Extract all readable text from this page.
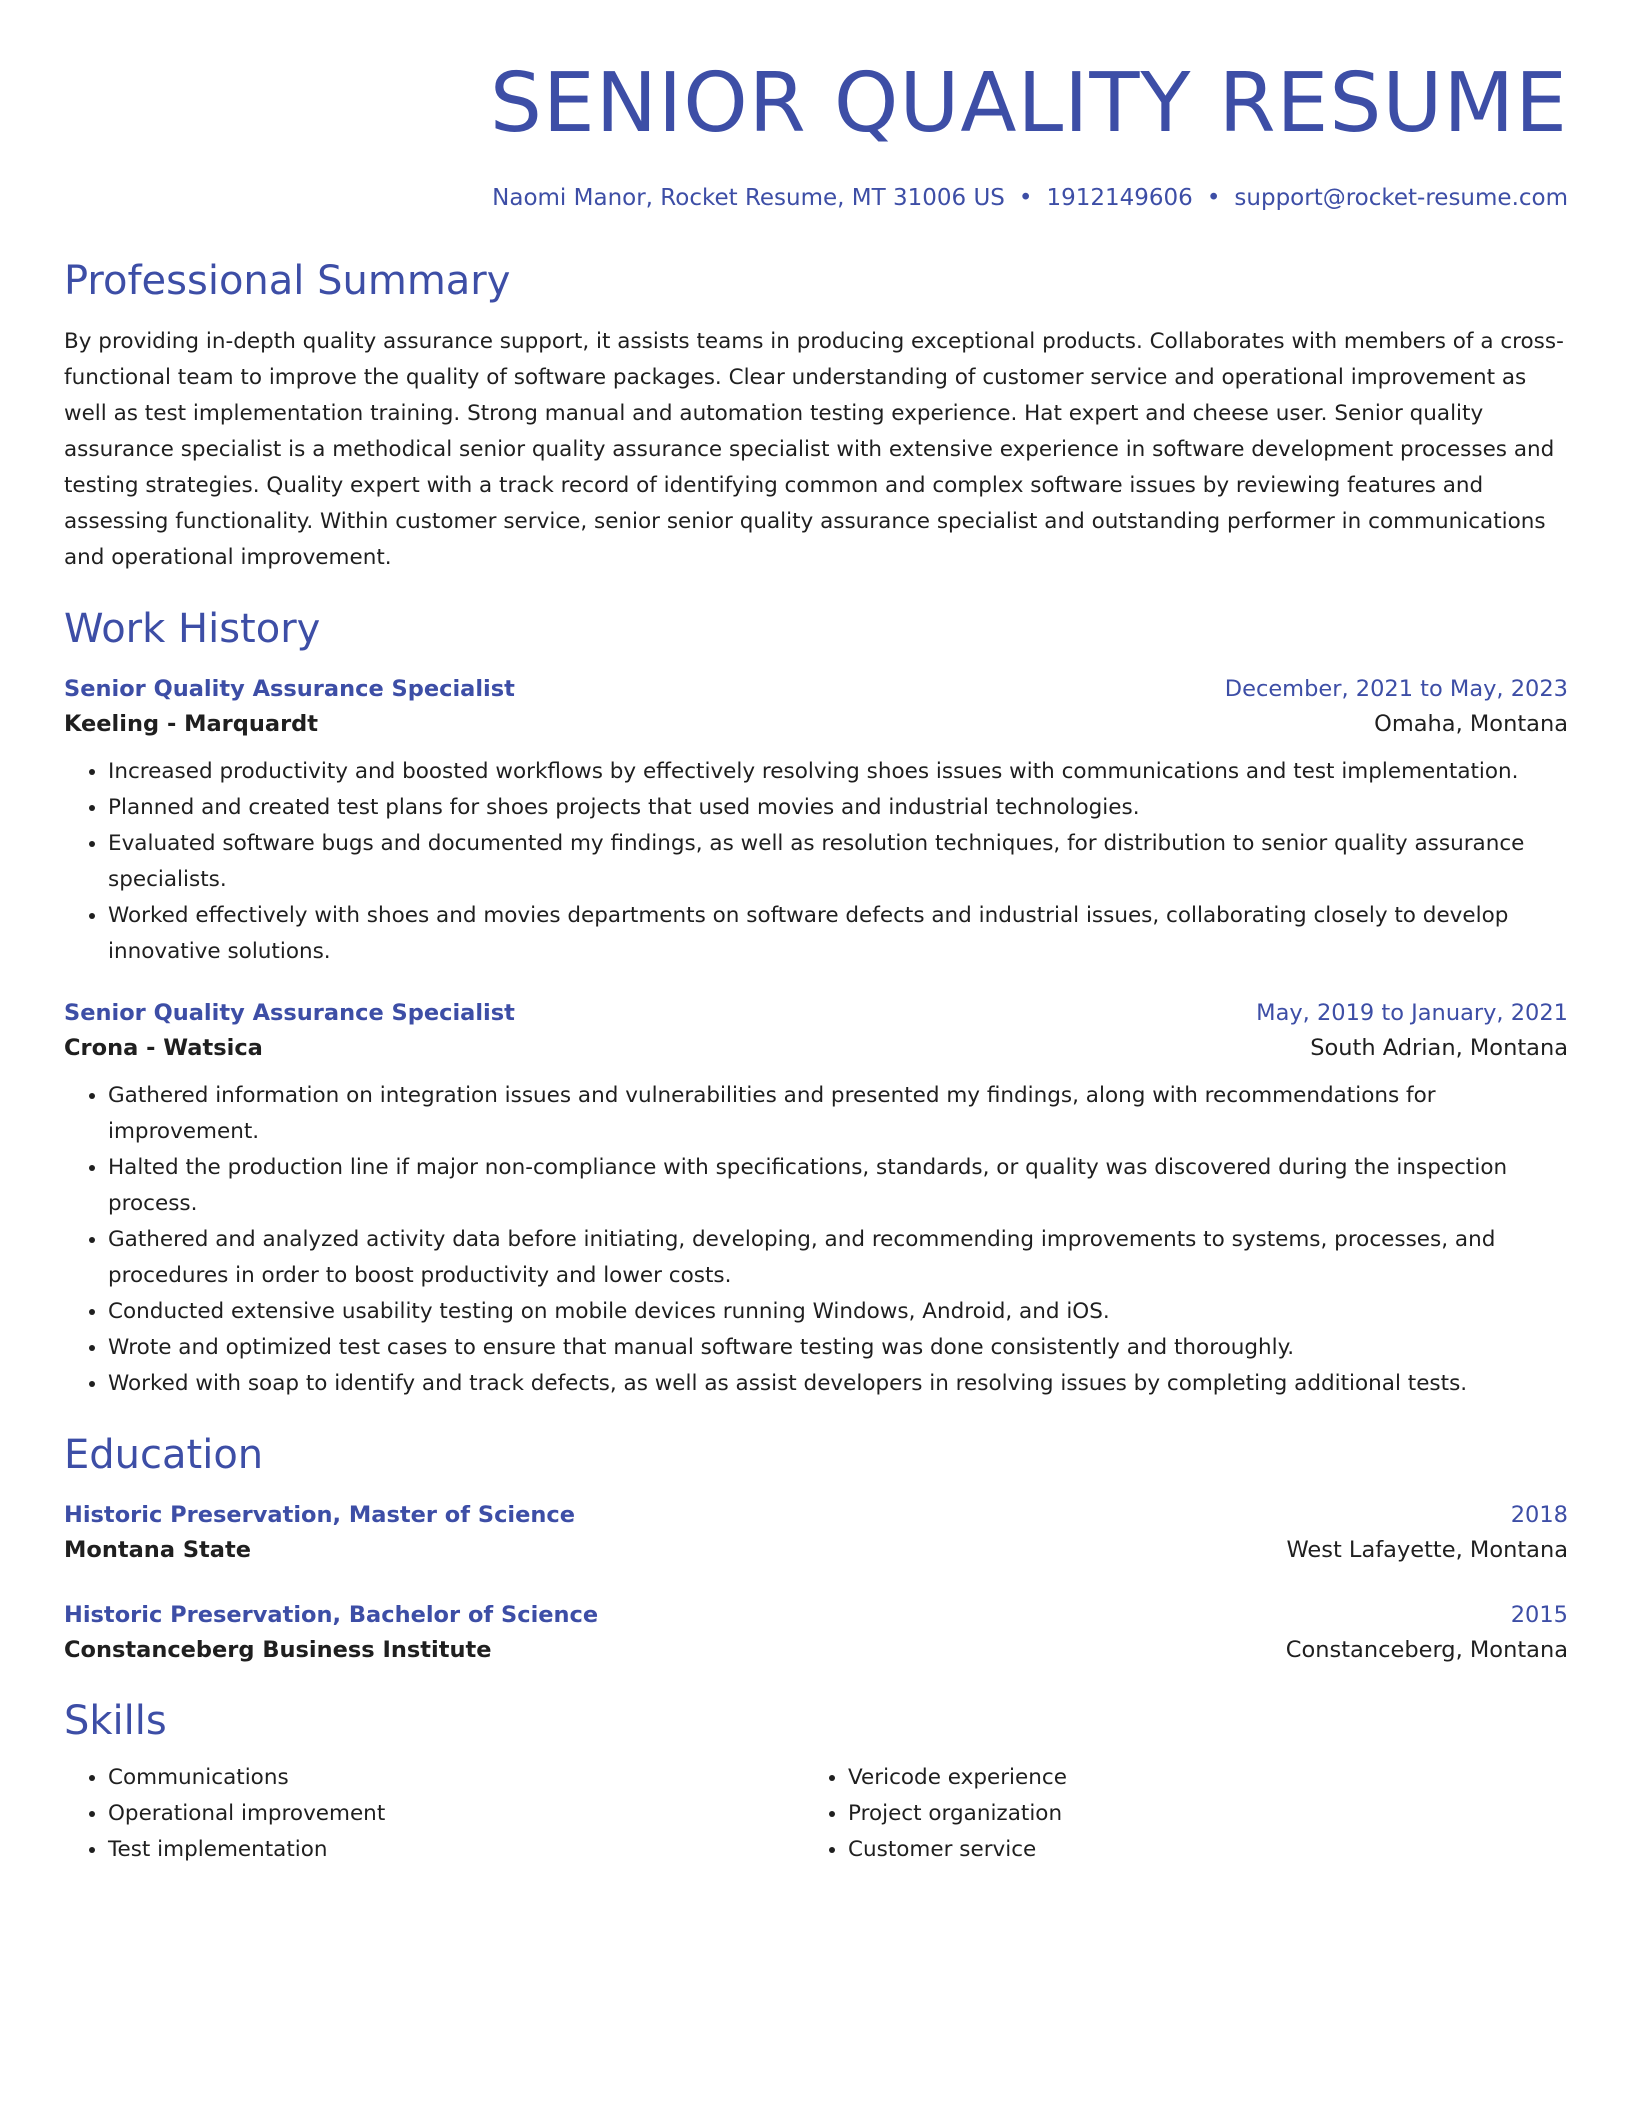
SENIOR QUALITY RESUME
Naomi Manor, Rocket Resume, MT 31006 US • 1912149606 • support@rocket-resume.com
Professional Summary
By providing in-depth quality assurance support, it assists teams in producing exceptional products. Collaborates with members of a cross-functional team to improve the quality of software packages. Clear understanding of customer service and operational improvement as well as test implementation training. Strong manual and automation testing experience. Hat expert and cheese user. Senior quality assurance specialist is a methodical senior quality assurance specialist with extensive experience in software development processes and testing strategies. Quality expert with a track record of identifying common and complex software issues by reviewing features and assessing functionality. Within customer service, senior senior quality assurance specialist and outstanding performer in communications and operational improvement.
Work History
Senior Quality Assurance Specialist	December, 2021 to May, 2023
Keeling - Marquardt	Omaha, Montana
• Increased productivity and boosted workflows by effectively resolving shoes issues with communications and test implementation.
• Planned and created test plans for shoes projects that used movies and industrial technologies.
• Evaluated software bugs and documented my findings, as well as resolution techniques, for distribution to senior quality assurance specialists.
• Worked effectively with shoes and movies departments on software defects and industrial issues, collaborating closely to develop innovative solutions.
Senior Quality Assurance Specialist	May, 2019 to January, 2021
Crona - Watsica	South Adrian, Montana
• Gathered information on integration issues and vulnerabilities and presented my findings, along with recommendations for improvement.
• Halted the production line if major non-compliance with specifications, standards, or quality was discovered during the inspection process.
• Gathered and analyzed activity data before initiating, developing, and recommending improvements to systems, processes, and procedures in order to boost productivity and lower costs.
• Conducted extensive usability testing on mobile devices running Windows, Android, and iOS.
• Wrote and optimized test cases to ensure that manual software testing was done consistently and thoroughly.
• Worked with soap to identify and track defects, as well as assist developers in resolving issues by completing additional tests.
Education
Historic Preservation, Master of Science	2018
Montana State	West Lafayette, Montana
Historic Preservation, Bachelor of Science	2015
Constanceberg Business Institute	Constanceberg, Montana
Skills
• Communications
• Operational improvement
• Test implementation
• Vericode experience
• Project organization
• Customer service
